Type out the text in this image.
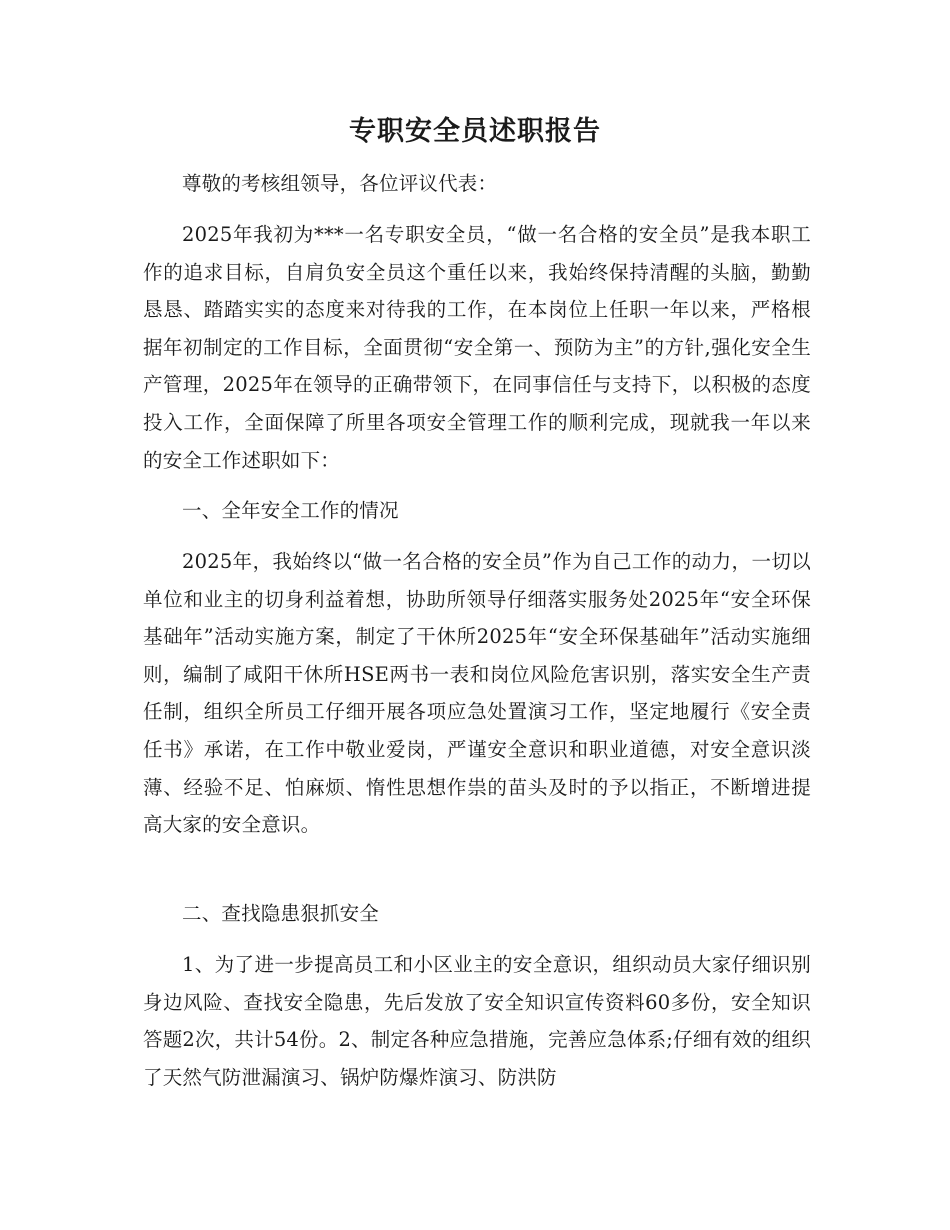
专职安全员述职报告
尊敬的考核组领导，各位评议代表：
2025年我初为***一名专职安全员，“做一名合格的安全员”是我本职工作的追求目标，自肩负安全员这个重任以来，我始终保持清醒的头脑，勤勤恳恳、踏踏实实的态度来对待我的工作，在本岗位上任职一年以来，严格根据年初制定的工作目标，全面贯彻“安全第一、预防为主”的方针,强化安全生产管理，2025年在领导的正确带领下，在同事信任与支持下，以积极的态度投入工作，全面保障了所里各项安全管理工作的顺利完成，现就我一年以来的安全工作述职如下：
一、全年安全工作的情况
2025年，我始终以“做一名合格的安全员”作为自己工作的动力，一切以单位和业主的切身利益着想，协助所领导仔细落实服务处2025年“安全环保基础年”活动实施方案，制定了干休所2025年“安全环保基础年”活动实施细则，编制了咸阳干休所HSE两书一表和岗位风险危害识别，落实安全生产责任制，组织全所员工仔细开展各项应急处置演习工作，坚定地履行《安全责任书》承诺，在工作中敬业爱岗，严谨安全意识和职业道德，对安全意识淡薄、经验不足、怕麻烦、惰性思想作祟的苗头及时的予以指正，不断增进提高大家的安全意识。
二、查找隐患狠抓安全
1、为了进一步提高员工和小区业主的安全意识，组织动员大家仔细识别身边风险、查找安全隐患，先后发放了安全知识宣传资料60多份，安全知识答题2次，共计54份。2、制定各种应急措施，完善应急体系;仔细有效的组织了天然气防泄漏演习、锅炉防爆炸演习、防洪防
